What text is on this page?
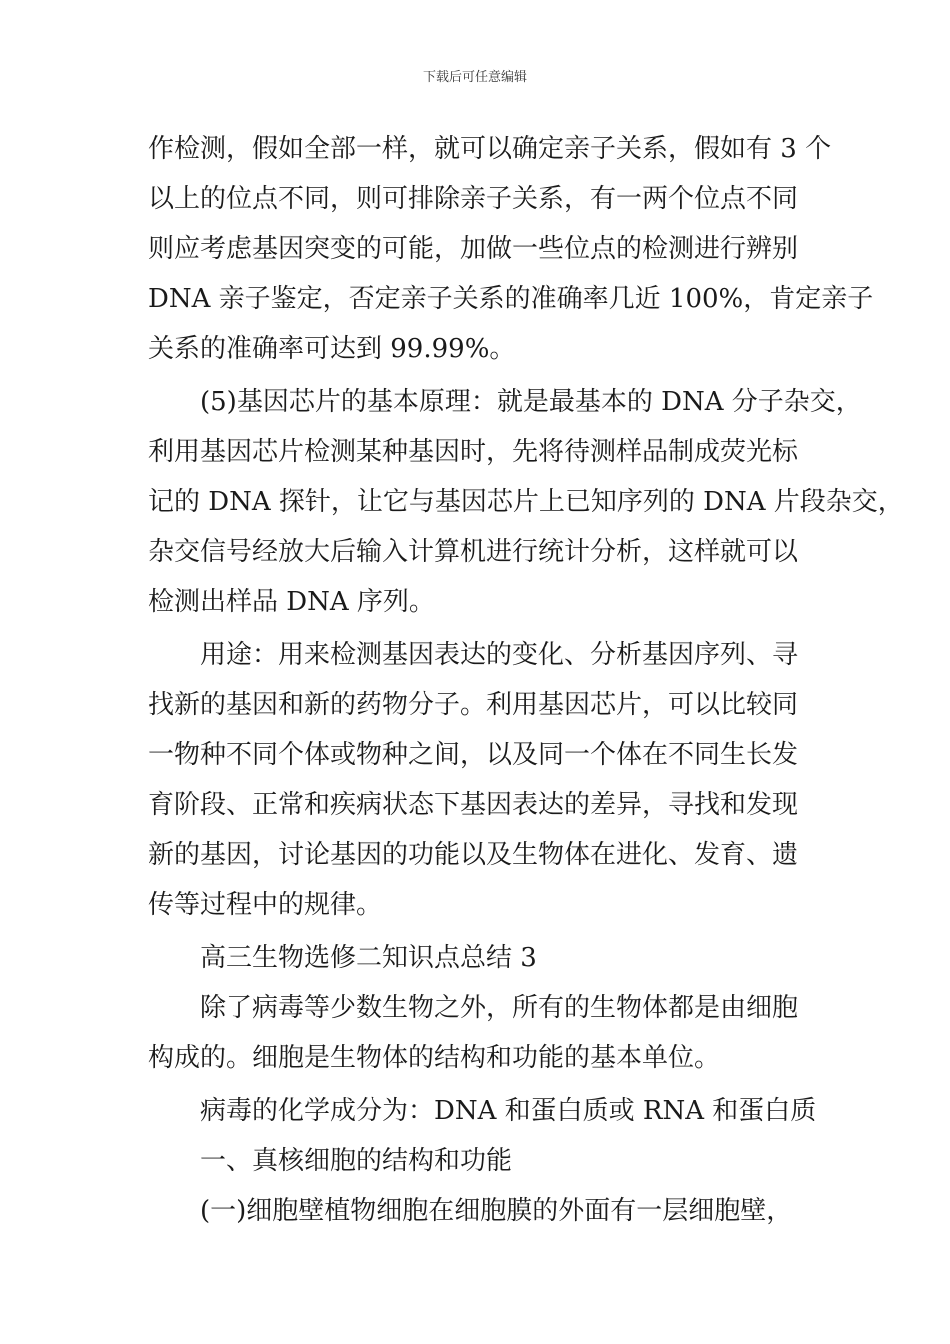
下载后可任意编辑
作检测，假如全部一样，就可以确定亲子关系，假如有 3 个
以上的位点不同，则可排除亲子关系，有一两个位点不同
则应考虑基因突变的可能，加做一些位点的检测进行辨别
DNA 亲子鉴定，否定亲子关系的准确率几近 100%，肯定亲子
关系的准确率可达到 99.99%。
(5)基因芯片的基本原理：就是最基本的 DNA 分子杂交，
利用基因芯片检测某种基因时，先将待测样品制成荧光标
记的 DNA 探针，让它与基因芯片上已知序列的 DNA 片段杂交，
杂交信号经放大后输入计算机进行统计分析，这样就可以
检测出样品 DNA 序列。
用途：用来检测基因表达的变化、分析基因序列、寻
找新的基因和新的药物分子。利用基因芯片，可以比较同
一物种不同个体或物种之间，以及同一个体在不同生长发
育阶段、正常和疾病状态下基因表达的差异，寻找和发现
新的基因，讨论基因的功能以及生物体在进化、发育、遗
传等过程中的规律。
高三生物选修二知识点总结 3
除了病毒等少数生物之外，所有的生物体都是由细胞
构成的。细胞是生物体的结构和功能的基本单位。
病毒的化学成分为：DNA 和蛋白质或 RNA 和蛋白质
一、真核细胞的结构和功能
(一)细胞壁植物细胞在细胞膜的外面有一层细胞壁，
